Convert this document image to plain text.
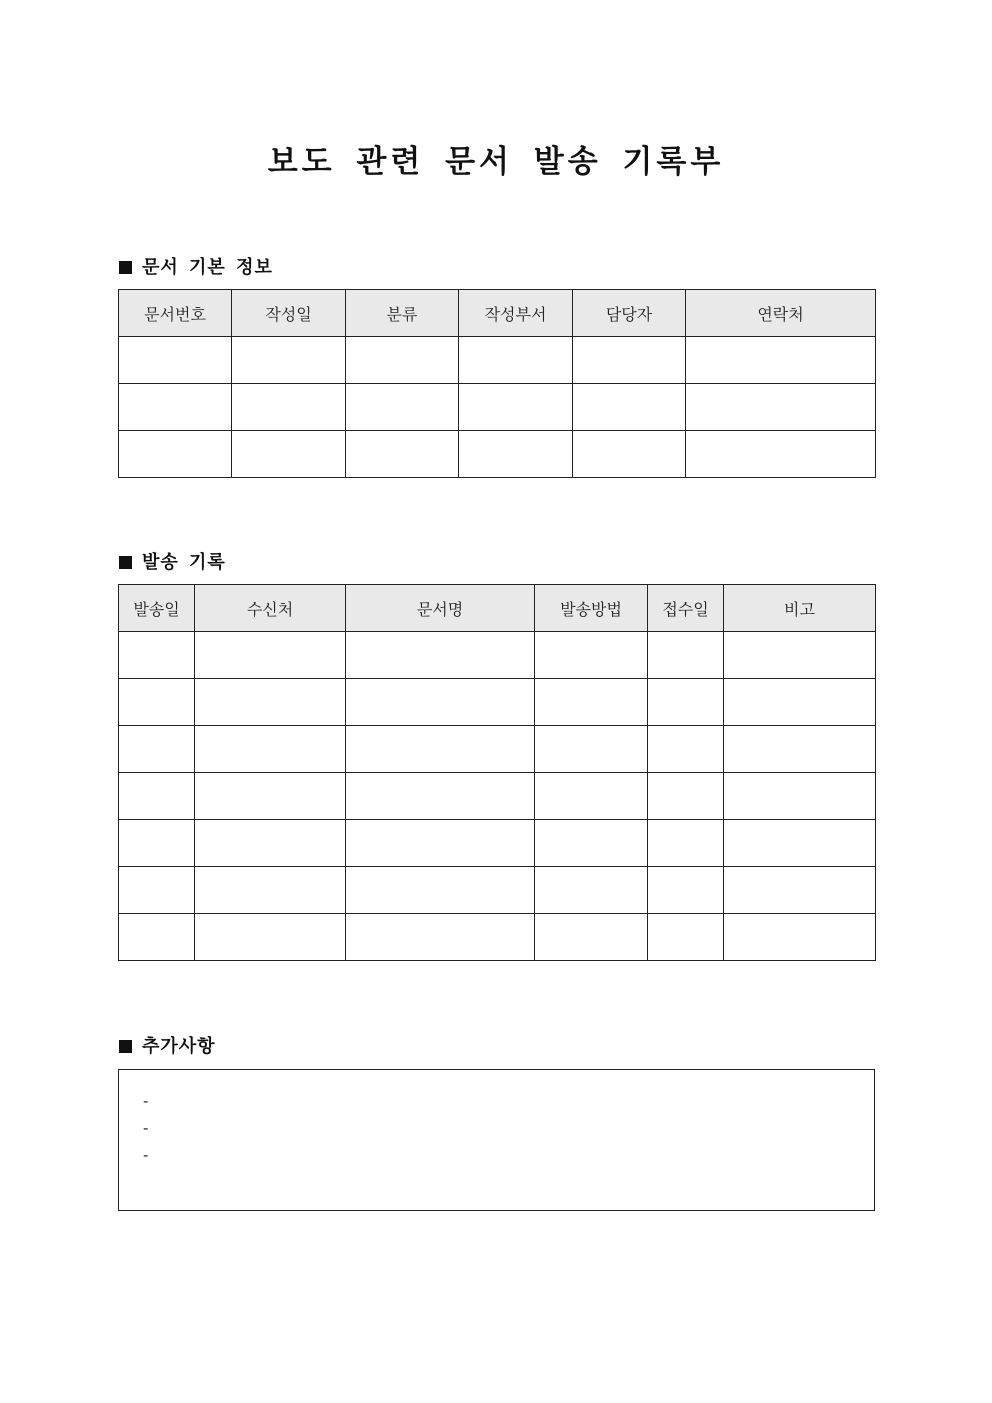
보도 관련 문서 발송 기록부
문서 기본 정보
문서번호	작성일	분류	작성부서	담당자	연락처

발송 기록
발송일	수신처	문서명	발송방법	접수일	비고

추가사항
-
-
-
